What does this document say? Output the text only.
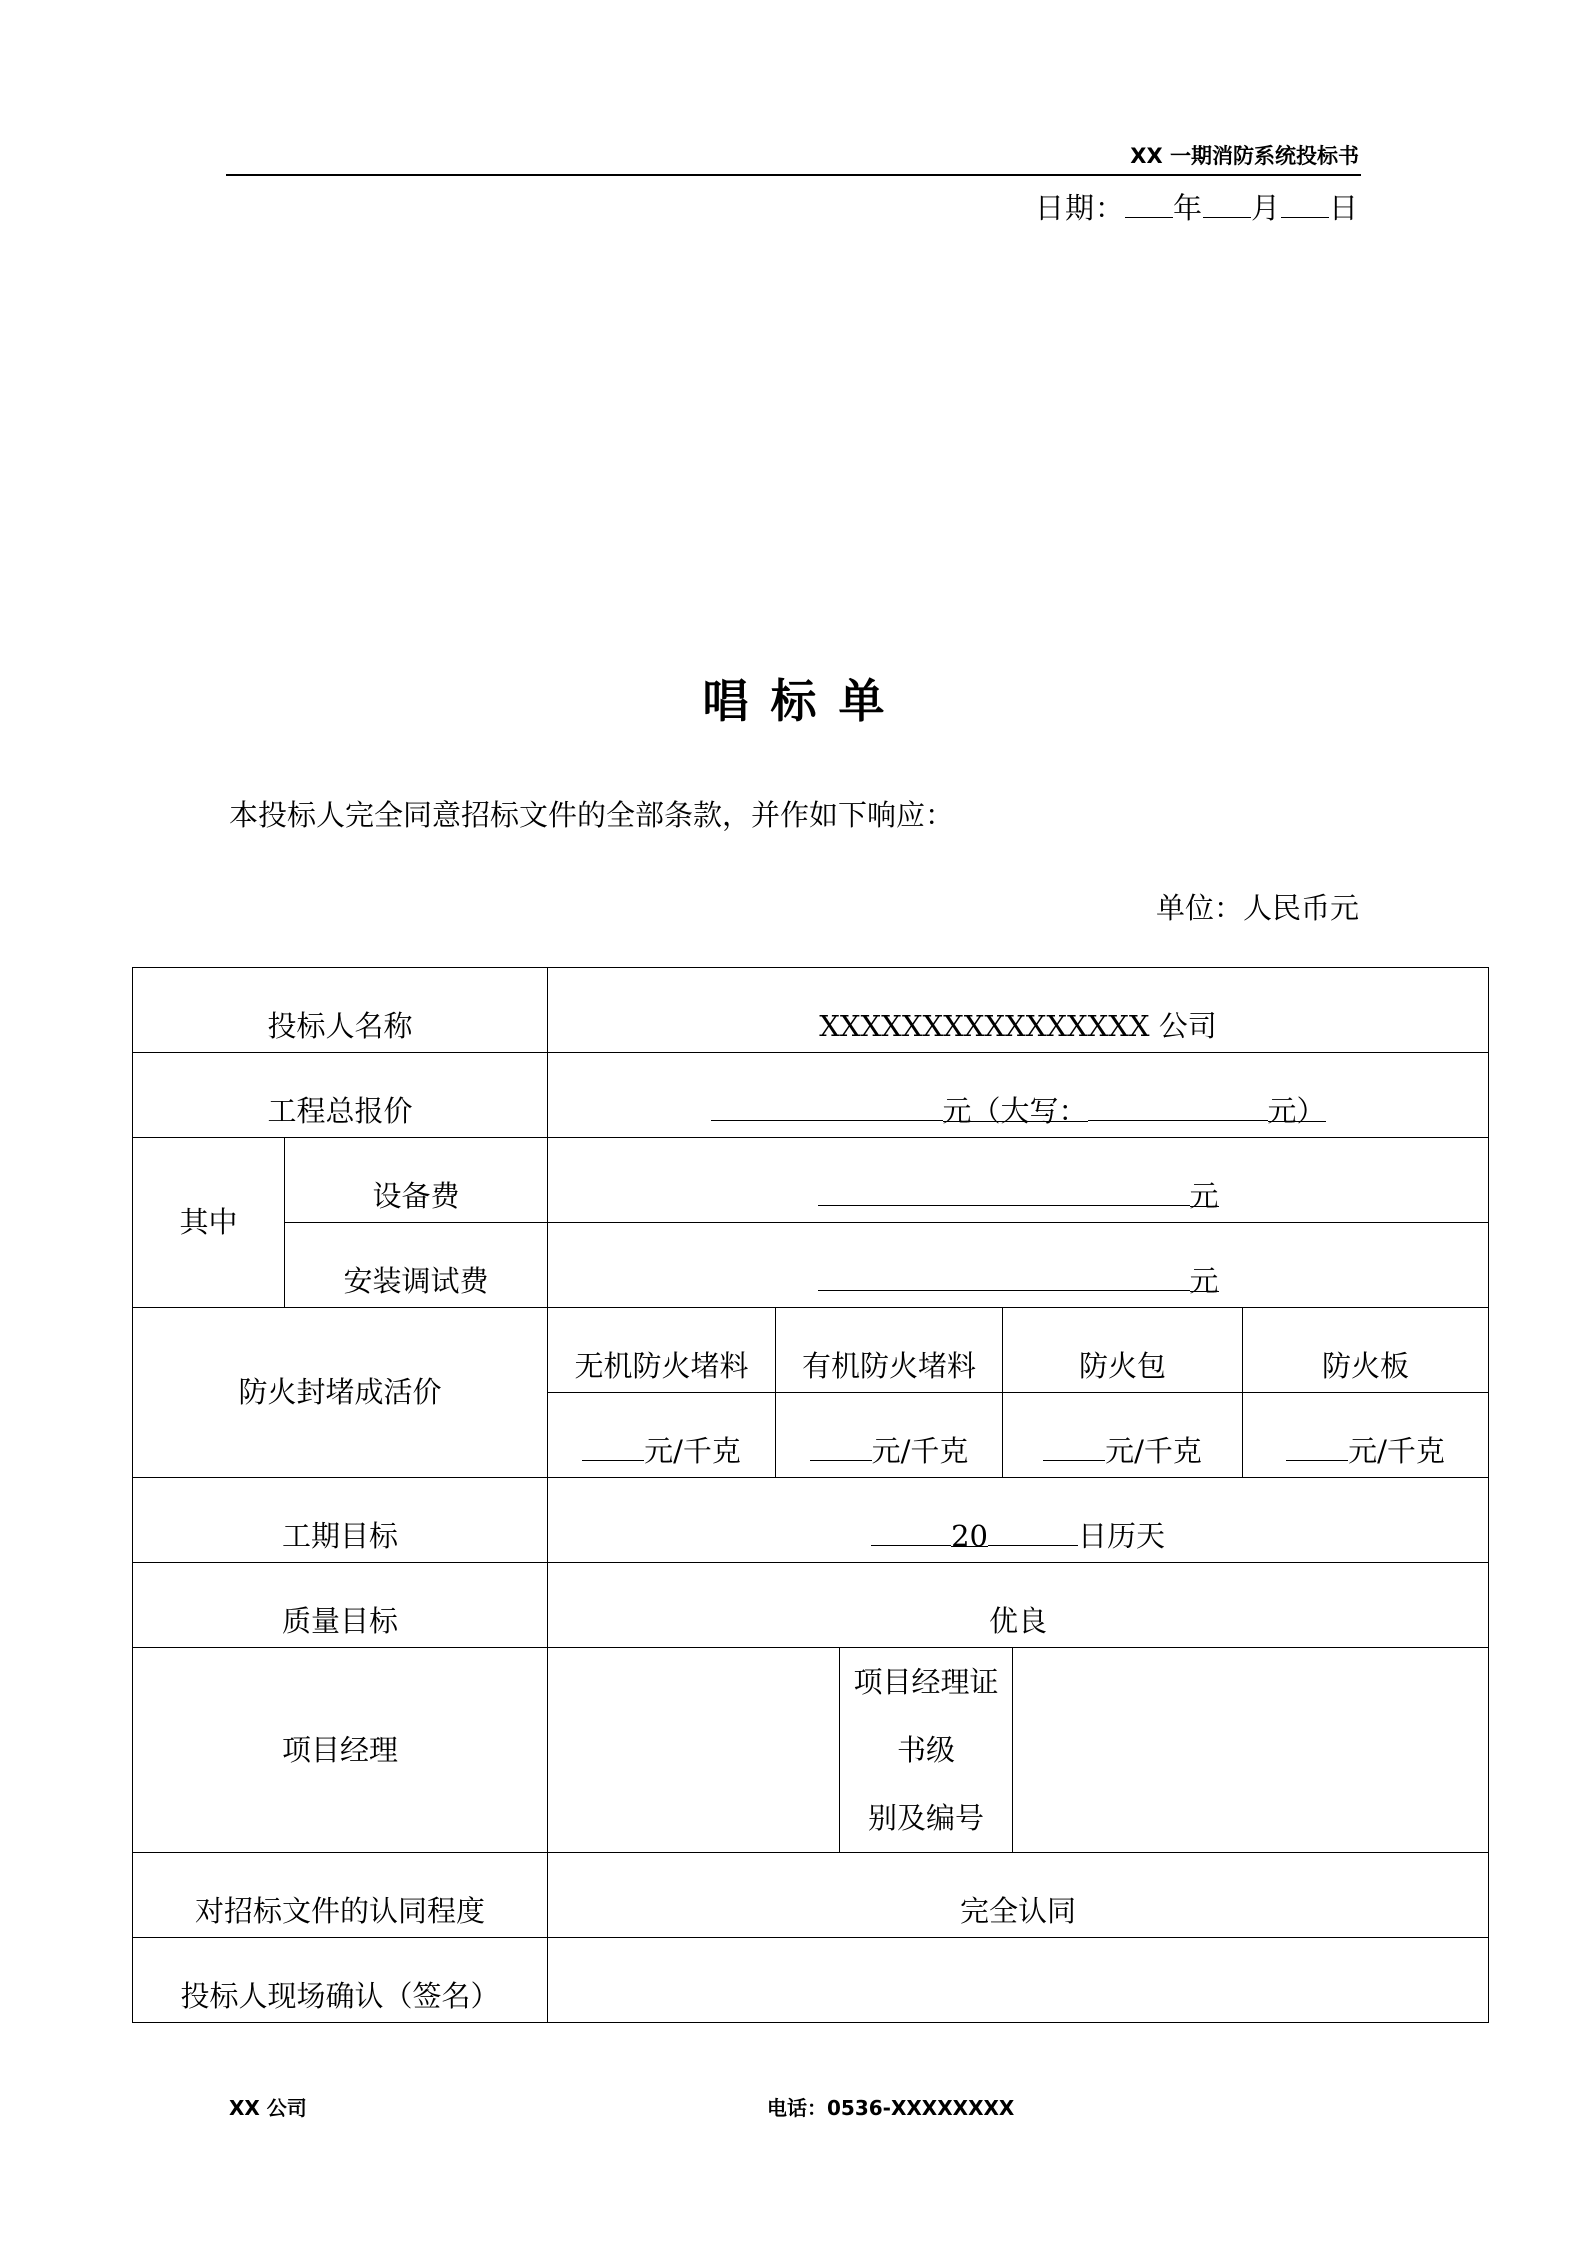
XX 一期消防系统投标书
日期： 年 月 日
唱标单
本投标人完全同意招标文件的全部条款，并作如下响应：
单位：人民币元
投标人名称		XXXXXXXXXXXXXXXX 公司					
工程总报价		元（大写： 元）					
其中	设备费	元					
	安装调试费	元					
防火封堵成活价		无机防火堵料	有机防火堵料		防火包		防火板
		元/千克	元/千克		元/千克		元/千克
工期目标		20 日历天					
质量目标		优良					
项目经理				项目经理证书级
别及编号			

对招标文件的认同程度		完全认同					
投标人现场确认（签名）							
XX 公司	电话：0536-XXXXXXXX
